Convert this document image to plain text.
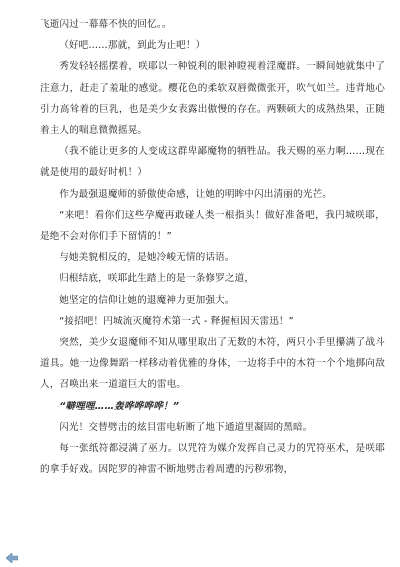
飞逝闪过一幕幕不快的回忆。。

（好吧……那就，到此为止吧！）

秀发轻轻摇摆着，咲耶以一种锐利的眼神瞪视着淫魔群。一瞬间她就集中了注意力，赶走了羞耻的感觉。樱花色的柔软双唇微微张开，吹气如兰。违背地心引力高耸着的巨乳，也是美少女表露出傲慢的存在。两颗硕大的成熟热果，正随着主人的喘息微微摇晃。

（我不能让更多的人变成这群卑鄙魔物的牺牲品。我天赐的巫力啊……现在就是使用的最好时机！）

作为最强退魔师的骄傲使命感，让她的明眸中闪出清丽的光芒。

“来吧！看你们这些孕魔再敢碰人类一根指头！做好准备吧，我円城咲耶，是绝不会对你们手下留情的！”

与她美貌相反的，是她冷峻无情的话语。

归根结底，咲耶此生踏上的是一条修罗之道，

她坚定的信仰让她的退魔神力更加强大。

“接招吧！円城流灭魔符术第一式 - 释握桓因天雷迅！”

突然，美少女退魔师不知从哪里取出了无数的木符，两只小手里攥满了战斗道具。她一边像舞蹈一样移动着优雅的身体，一边将手中的木符一个个地掷向敌人，召唤出来一道道巨大的雷电。

“噼哩哩……轰哗哗哗哗！”

闪光！交替劈击的炫目雷电斩断了地下通道里凝固的黑暗。

每一张纸符都浸满了巫力。以咒符为媒介发挥自己灵力的咒符巫术，是咲耶的拿手好戏。因陀罗的神雷不断地劈击着周遭的污秽邪物，
